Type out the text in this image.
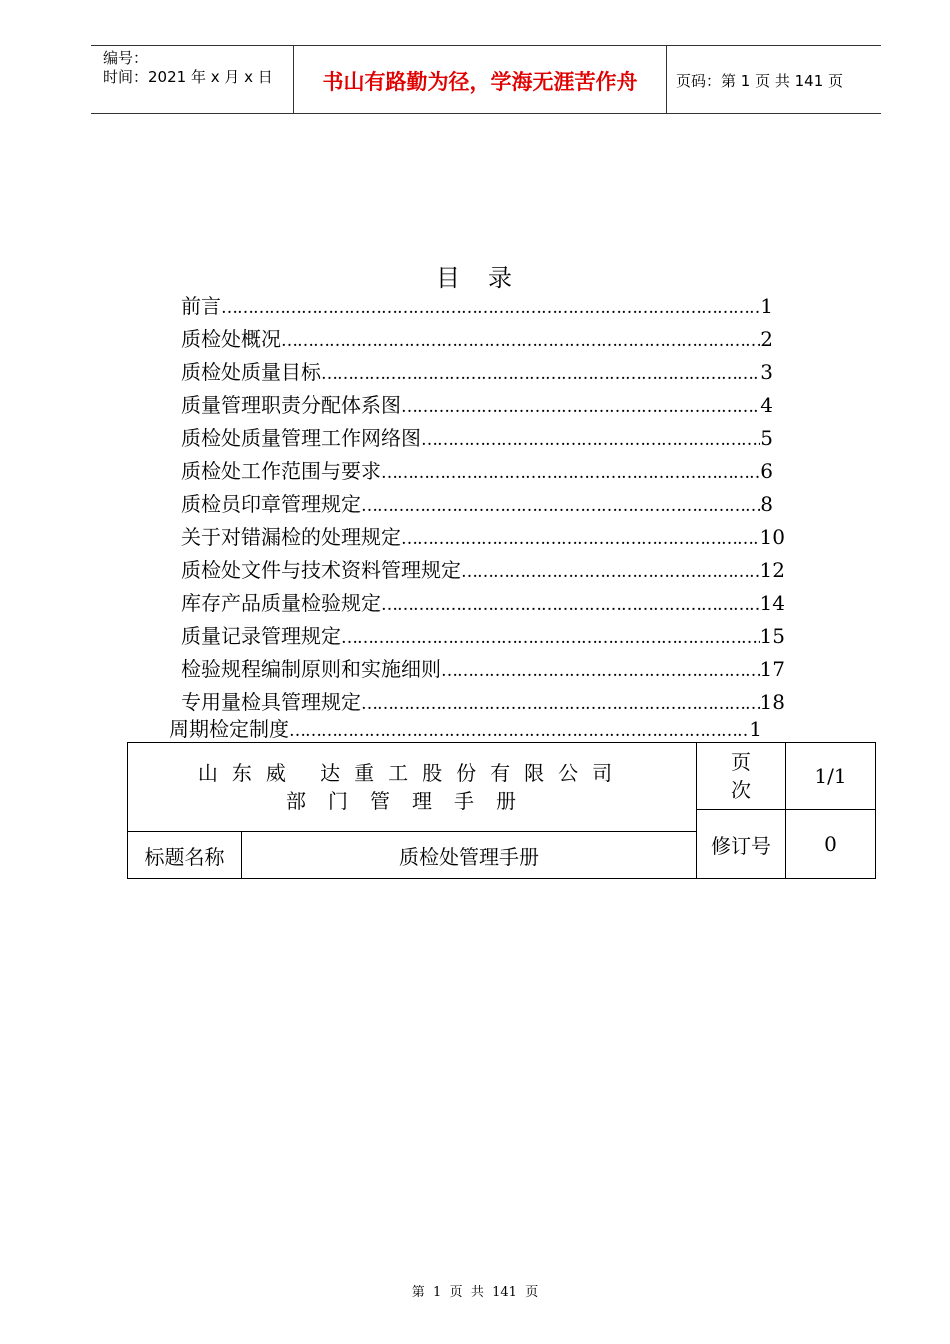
编号：
时间：2021 年 x 月 x 日	书山有路勤为径，学海无涯苦作舟	页码：第 1 页 共 141 页
目录
前言 ………………………………………………………………………………………………………………………………………………	1
质检处概况 ………………………………………………………………………………………………………………………………………………	2
质检处质量目标 ………………………………………………………………………………………………………………………………………………	3
质量管理职责分配体系图 ………………………………………………………………………………………………………………………………………………	4
质检处质量管理工作网络图 ………………………………………………………………………………………………………………………………………………	5
质检处工作范围与要求 ………………………………………………………………………………………………………………………………………………	6
质检员印章管理规定 ………………………………………………………………………………………………………………………………………………	8
关于对错漏检的处理规定 ………………………………………………………………………………………………………………………………………………	10
质检处文件与技术资料管理规定 ………………………………………………………………………………………………………………………………………………	12
库存产品质量检验规定 ………………………………………………………………………………………………………………………………………………	14
质量记录管理规定 ………………………………………………………………………………………………………………………………………………	15
检验规程编制原则和实施细则 ………………………………………………………………………………………………………………………………………………	17
专用量检具管理规定 ………………………………………………………………………………………………………………………………………………	18
周期检定制度 ………………………………………………………………………………………………………………………………………………	1
山东威 达重工股份有限公司
部门管理手册		页次	1/1
		修订号	0
标题名称	质检处管理手册		
第  1  页  共  141  页
